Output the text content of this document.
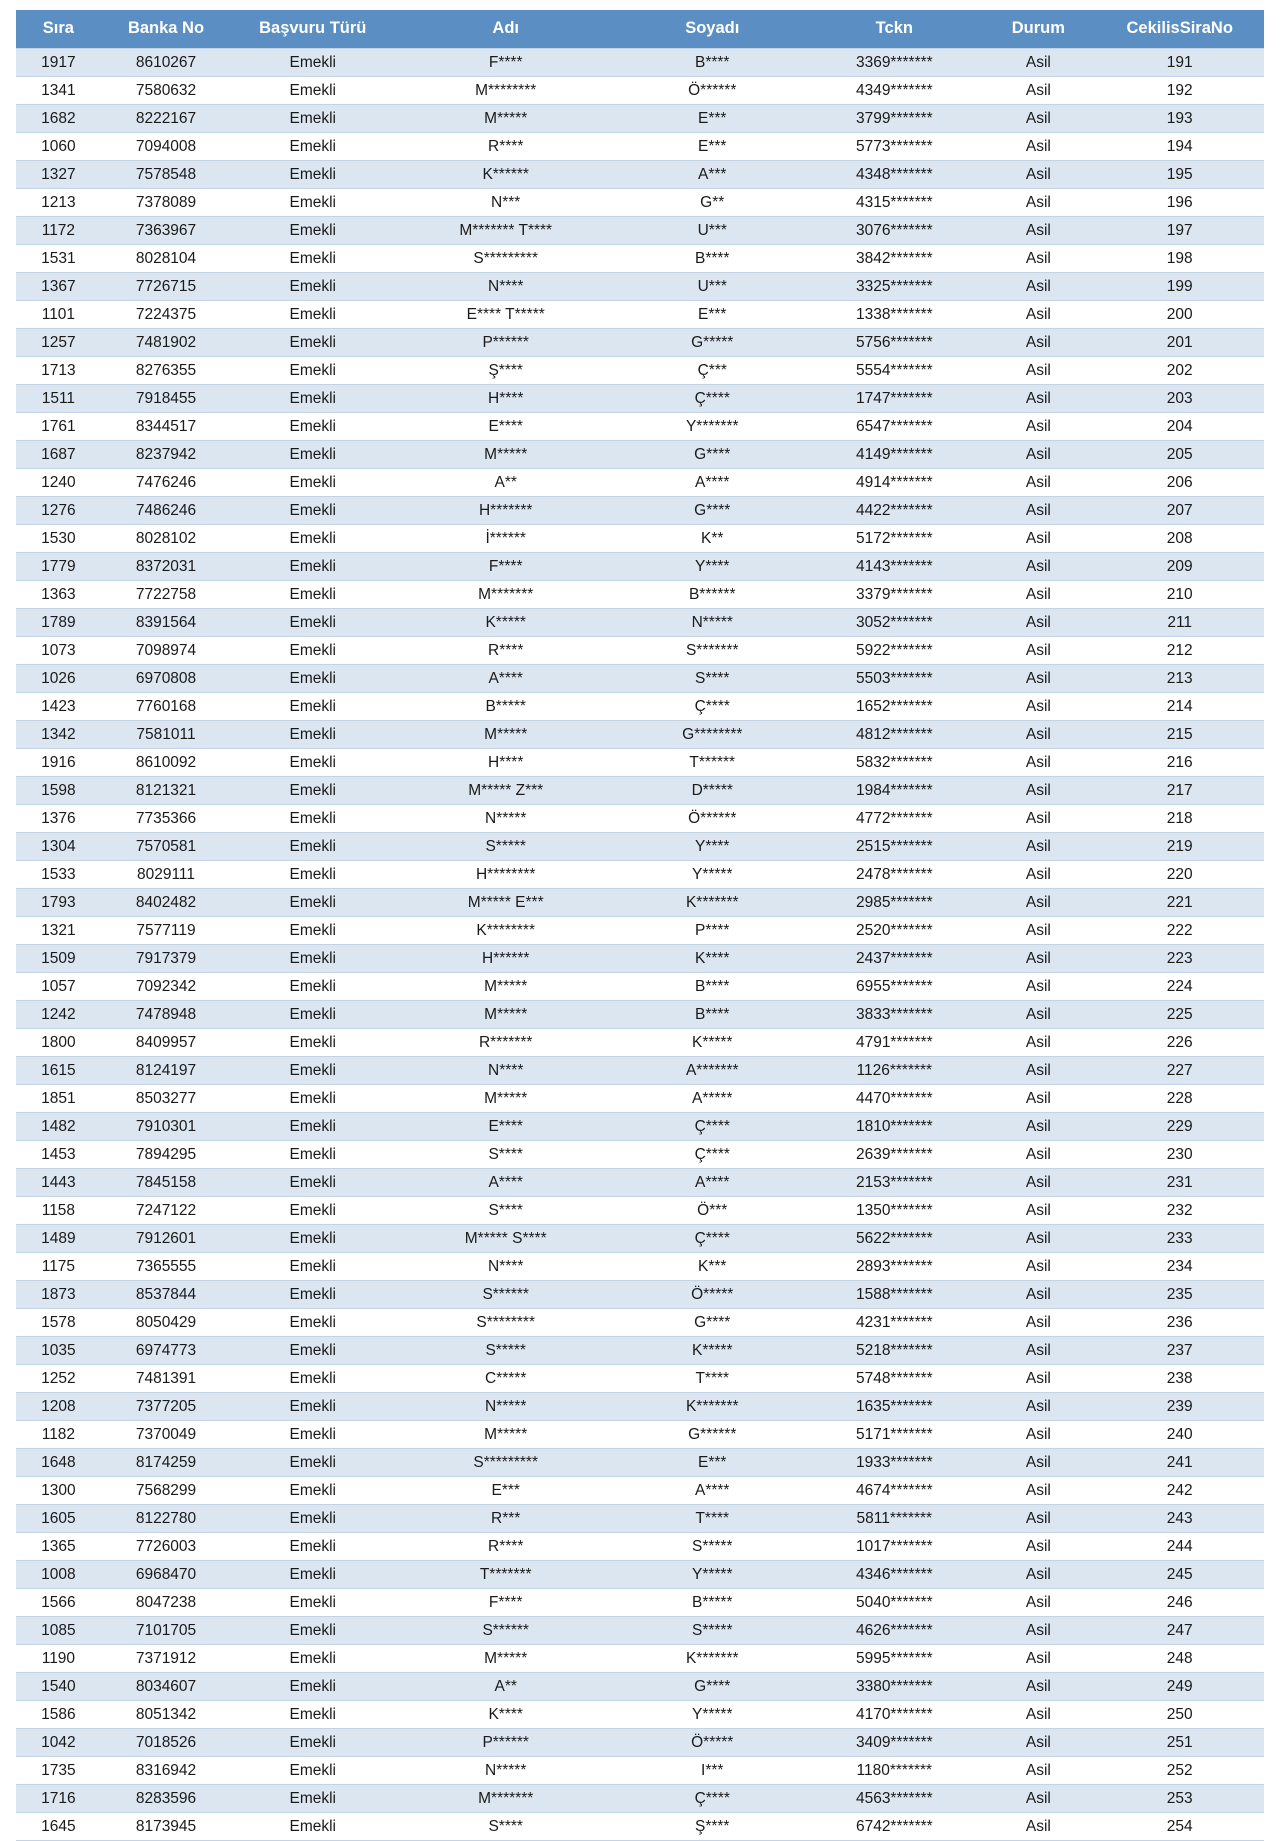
Sıra	Banka No	Başvuru Türü	Adı	Soyadı	Tckn	Durum	CekilisSiraNo
1917	8610267	Emekli	F****	B****	3369*******	Asil	191
1341	7580632	Emekli	M********	Ö******	4349*******	Asil	192
1682	8222167	Emekli	M*****	E***	3799*******	Asil	193
1060	7094008	Emekli	R****	E***	5773*******	Asil	194
1327	7578548	Emekli	K******	A***	4348*******	Asil	195
1213	7378089	Emekli	N***	G**	4315*******	Asil	196
1172	7363967	Emekli	M******* T****	U***	3076*******	Asil	197
1531	8028104	Emekli	S*********	B****	3842*******	Asil	198
1367	7726715	Emekli	N****	U***	3325*******	Asil	199
1101	7224375	Emekli	E**** T*****	E***	1338*******	Asil	200
1257	7481902	Emekli	P******	G*****	5756*******	Asil	201
1713	8276355	Emekli	Ş****	Ç***	5554*******	Asil	202
1511	7918455	Emekli	H****	Ç****	1747*******	Asil	203
1761	8344517	Emekli	E****	Y*******	6547*******	Asil	204
1687	8237942	Emekli	M*****	G****	4149*******	Asil	205
1240	7476246	Emekli	A**	A****	4914*******	Asil	206
1276	7486246	Emekli	H*******	G****	4422*******	Asil	207
1530	8028102	Emekli	İ******	K**	5172*******	Asil	208
1779	8372031	Emekli	F****	Y****	4143*******	Asil	209
1363	7722758	Emekli	M*******	B******	3379*******	Asil	210
1789	8391564	Emekli	K*****	N*****	3052*******	Asil	211
1073	7098974	Emekli	R****	S*******	5922*******	Asil	212
1026	6970808	Emekli	A****	S****	5503*******	Asil	213
1423	7760168	Emekli	B*****	Ç****	1652*******	Asil	214
1342	7581011	Emekli	M*****	G********	4812*******	Asil	215
1916	8610092	Emekli	H****	T******	5832*******	Asil	216
1598	8121321	Emekli	M***** Z***	D*****	1984*******	Asil	217
1376	7735366	Emekli	N*****	Ö******	4772*******	Asil	218
1304	7570581	Emekli	S*****	Y****	2515*******	Asil	219
1533	8029111	Emekli	H********	Y*****	2478*******	Asil	220
1793	8402482	Emekli	M***** E***	K*******	2985*******	Asil	221
1321	7577119	Emekli	K********	P****	2520*******	Asil	222
1509	7917379	Emekli	H******	K****	2437*******	Asil	223
1057	7092342	Emekli	M*****	B****	6955*******	Asil	224
1242	7478948	Emekli	M*****	B****	3833*******	Asil	225
1800	8409957	Emekli	R*******	K*****	4791*******	Asil	226
1615	8124197	Emekli	N****	A*******	1126*******	Asil	227
1851	8503277	Emekli	M*****	A*****	4470*******	Asil	228
1482	7910301	Emekli	E****	Ç****	1810*******	Asil	229
1453	7894295	Emekli	S****	Ç****	2639*******	Asil	230
1443	7845158	Emekli	A****	A****	2153*******	Asil	231
1158	7247122	Emekli	S****	Ö***	1350*******	Asil	232
1489	7912601	Emekli	M***** S****	Ç****	5622*******	Asil	233
1175	7365555	Emekli	N****	K***	2893*******	Asil	234
1873	8537844	Emekli	S******	Ö*****	1588*******	Asil	235
1578	8050429	Emekli	S********	G****	4231*******	Asil	236
1035	6974773	Emekli	S*****	K*****	5218*******	Asil	237
1252	7481391	Emekli	C*****	T****	5748*******	Asil	238
1208	7377205	Emekli	N*****	K*******	1635*******	Asil	239
1182	7370049	Emekli	M*****	G******	5171*******	Asil	240
1648	8174259	Emekli	S*********	E***	1933*******	Asil	241
1300	7568299	Emekli	E***	A****	4674*******	Asil	242
1605	8122780	Emekli	R***	T****	5811*******	Asil	243
1365	7726003	Emekli	R****	S*****	1017*******	Asil	244
1008	6968470	Emekli	T*******	Y*****	4346*******	Asil	245
1566	8047238	Emekli	F****	B*****	5040*******	Asil	246
1085	7101705	Emekli	S******	S*****	4626*******	Asil	247
1190	7371912	Emekli	M*****	K*******	5995*******	Asil	248
1540	8034607	Emekli	A**	G****	3380*******	Asil	249
1586	8051342	Emekli	K****	Y*****	4170*******	Asil	250
1042	7018526	Emekli	P******	Ö*****	3409*******	Asil	251
1735	8316942	Emekli	N*****	I***	1180*******	Asil	252
1716	8283596	Emekli	M*******	Ç****	4563*******	Asil	253
1645	8173945	Emekli	S****	Ş****	6742*******	Asil	254
